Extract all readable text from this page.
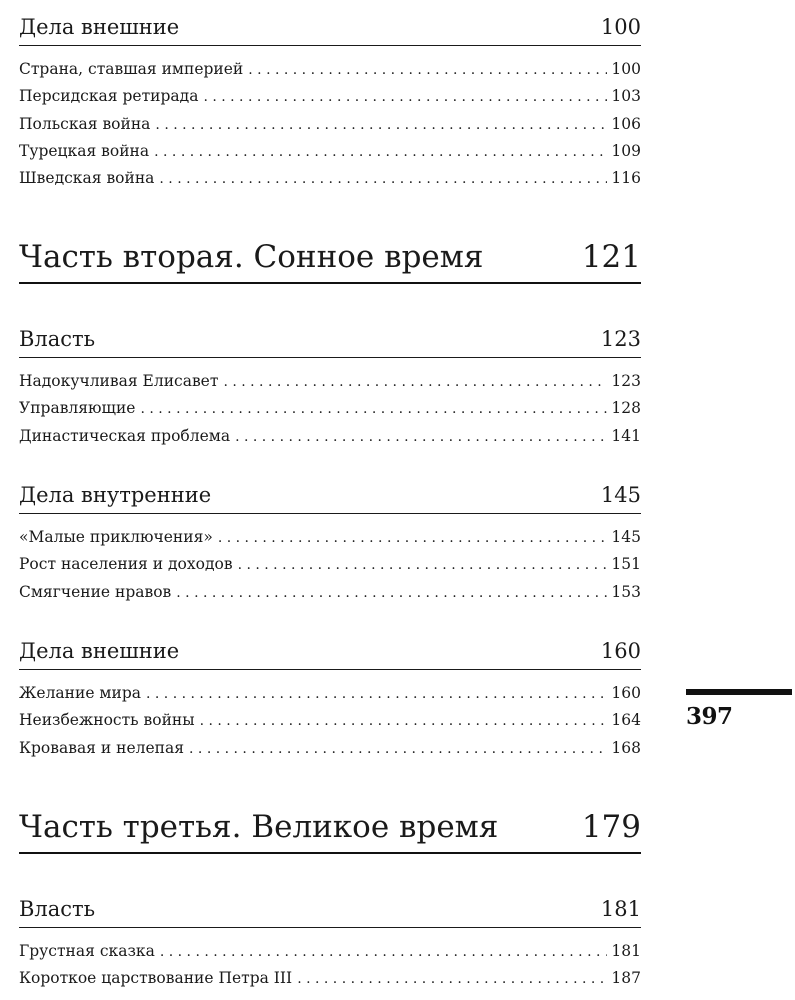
Дела внешние	100
Страна, ставшая империей . . .	100
Персидская ретирада . . .	103
Польская война . . .	106
Турецкая война . . .	109
Шведская война . . .	116
Часть вторая. Сонное время	121
Власть	123
Надокучливая Елисавет . . .	123
Управляющие . . .	128
Династическая проблема . . .	141
Дела внутренние	145
«Малые приключения» . . .	145
Рост населения и доходов . . .	151
Смягчение нравов . . .	153
Дела внешние	160
Желание мира . . .	160
Неизбежность войны . . .	164
Кровавая и нелепая . . .	168
Часть третья. Великое время	179
Власть	181
Грустная сказка . . .	181
Короткое царствование Петра III . . .	187
397
